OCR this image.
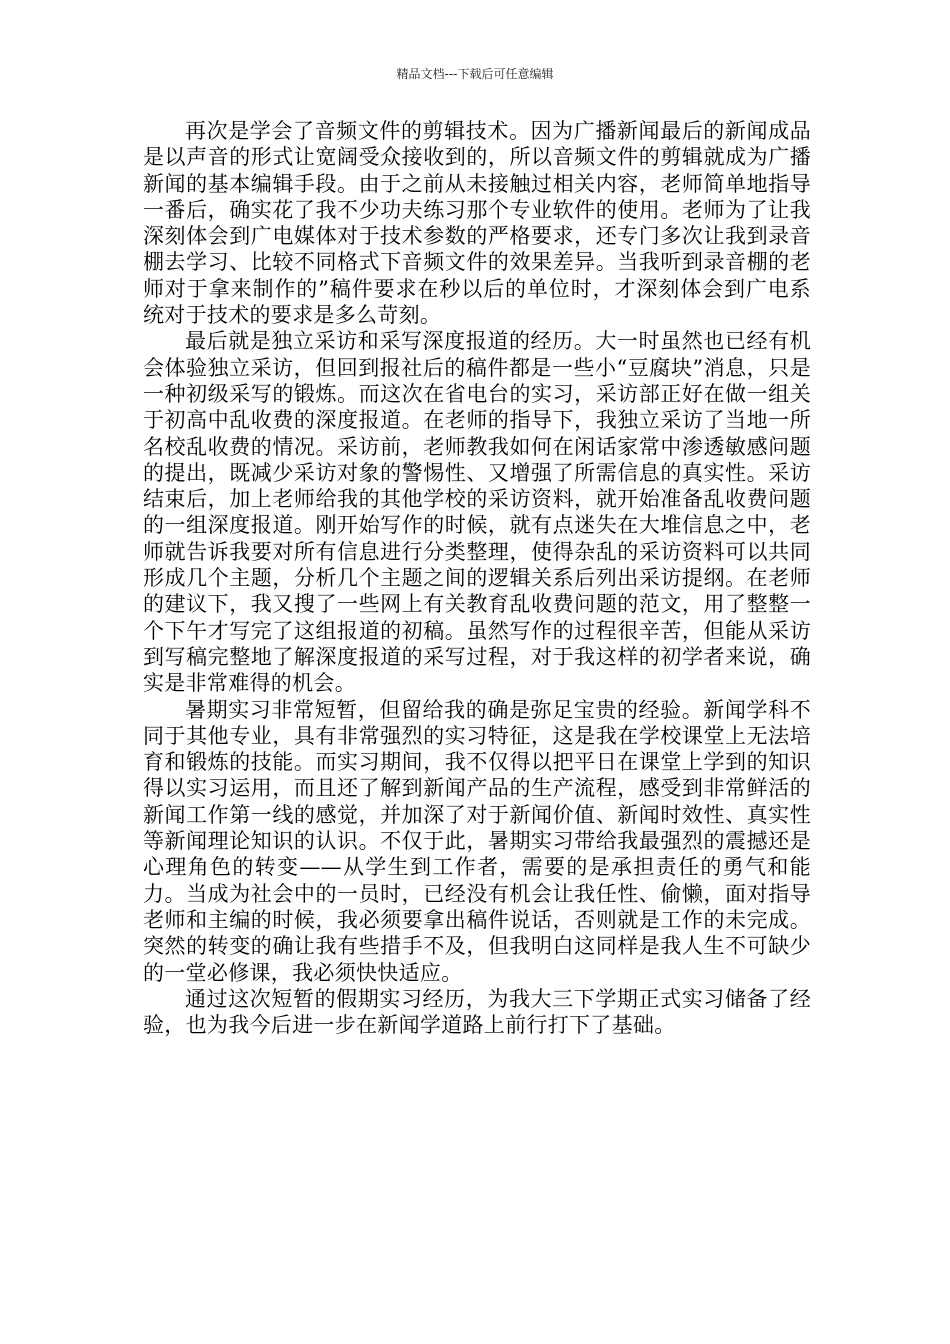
精品文档---下载后可任意编辑

再次是学会了音频文件的剪辑技术。因为广播新闻最后的新闻成品是以声音的形式让宽阔受众接收到的，所以音频文件的剪辑就成为广播新闻的基本编辑手段。由于之前从未接触过相关内容，老师简单地指导一番后，确实花了我不少功夫练习那个专业软件的使用。老师为了让我深刻体会到广电媒体对于技术参数的严格要求，还专门多次让我到录音棚去学习、比较不同格式下音频文件的效果差异。当我听到录音棚的老师对于拿来制作的”稿件要求在秒以后的单位时，才深刻体会到广电系统对于技术的要求是多么苛刻。

最后就是独立采访和采写深度报道的经历。大一时虽然也已经有机会体验独立采访，但回到报社后的稿件都是一些小“豆腐块”消息，只是一种初级采写的锻炼。而这次在省电台的实习，采访部正好在做一组关于初高中乱收费的深度报道。在老师的指导下，我独立采访了当地一所名校乱收费的情况。采访前，老师教我如何在闲话家常中渗透敏感问题的提出，既减少采访对象的警惕性、又增强了所需信息的真实性。采访结束后，加上老师给我的其他学校的采访资料，就开始准备乱收费问题的一组深度报道。刚开始写作的时候，就有点迷失在大堆信息之中，老师就告诉我要对所有信息进行分类整理，使得杂乱的采访资料可以共同形成几个主题，分析几个主题之间的逻辑关系后列出采访提纲。在老师的建议下，我又搜了一些网上有关教育乱收费问题的范文，用了整整一个下午才写完了这组报道的初稿。虽然写作的过程很辛苦，但能从采访到写稿完整地了解深度报道的采写过程，对于我这样的初学者来说，确实是非常难得的机会。

暑期实习非常短暂，但留给我的确是弥足宝贵的经验。新闻学科不同于其他专业，具有非常强烈的实习特征，这是我在学校课堂上无法培育和锻炼的技能。而实习期间，我不仅得以把平日在课堂上学到的知识得以实习运用，而且还了解到新闻产品的生产流程，感受到非常鲜活的新闻工作第一线的感觉，并加深了对于新闻价值、新闻时效性、真实性等新闻理论知识的认识。不仅于此，暑期实习带给我最强烈的震撼还是心理角色的转变——从学生到工作者，需要的是承担责任的勇气和能力。当成为社会中的一员时，已经没有机会让我任性、偷懒，面对指导老师和主编的时候，我必须要拿出稿件说话，否则就是工作的未完成。突然的转变的确让我有些措手不及，但我明白这同样是我人生不可缺少的一堂必修课，我必须快快适应。

通过这次短暂的假期实习经历，为我大三下学期正式实习储备了经验，也为我今后进一步在新闻学道路上前行打下了基础。
